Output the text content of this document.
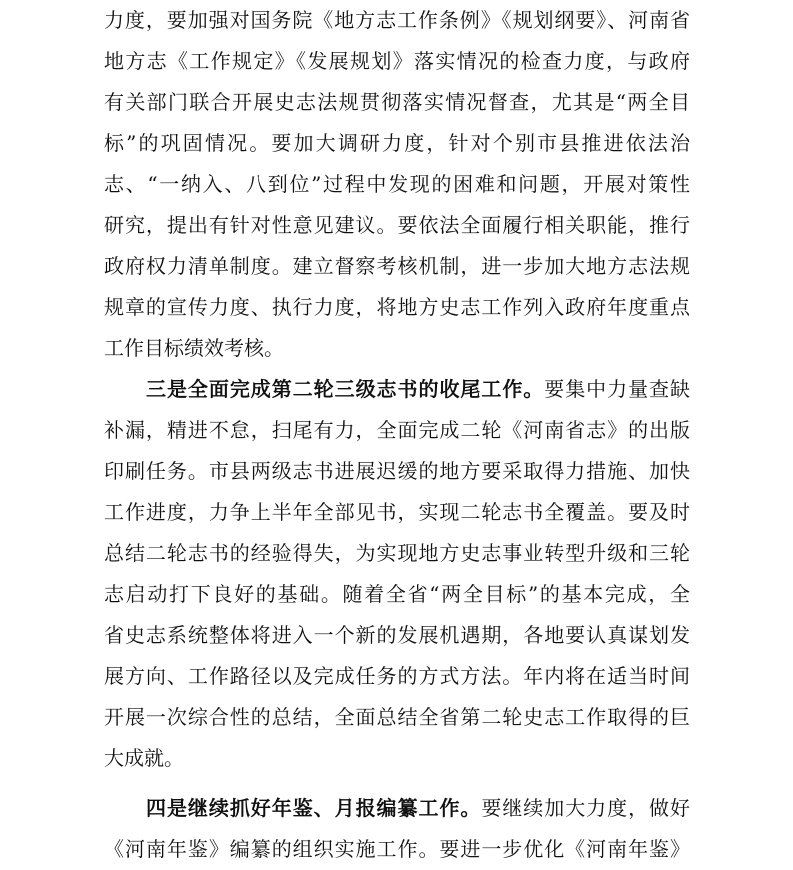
力度，要加强对国务院《地方志工作条例》《规划纲要》、河南省
地方志《工作规定》《发展规划》落实情况的检查力度，与政府
有关部门联合开展史志法规贯彻落实情况督查，尤其是“两全目
标”的巩固情况。要加大调研力度，针对个别市县推进依法治
志、“一纳入、八到位”过程中发现的困难和问题，开展对策性
研究，提出有针对性意见建议。要依法全面履行相关职能，推行
政府权力清单制度。建立督察考核机制，进一步加大地方志法规
规章的宣传力度、执行力度，将地方史志工作列入政府年度重点
工作目标绩效考核。
三是全面完成第二轮三级志书的收尾工作。要集中力量查缺
补漏，精进不怠，扫尾有力，全面完成二轮《河南省志》的出版
印刷任务。市县两级志书进展迟缓的地方要采取得力措施、加快
工作进度，力争上半年全部见书，实现二轮志书全覆盖。要及时
总结二轮志书的经验得失，为实现地方史志事业转型升级和三轮
志启动打下良好的基础。随着全省“两全目标”的基本完成，全
省史志系统整体将进入一个新的发展机遇期，各地要认真谋划发
展方向、工作路径以及完成任务的方式方法。年内将在适当时间
开展一次综合性的总结，全面总结全省第二轮史志工作取得的巨
大成就。
四是继续抓好年鉴、月报编纂工作。要继续加大力度，做好
《河南年鉴》编纂的组织实施工作。要进一步优化《河南年鉴》
